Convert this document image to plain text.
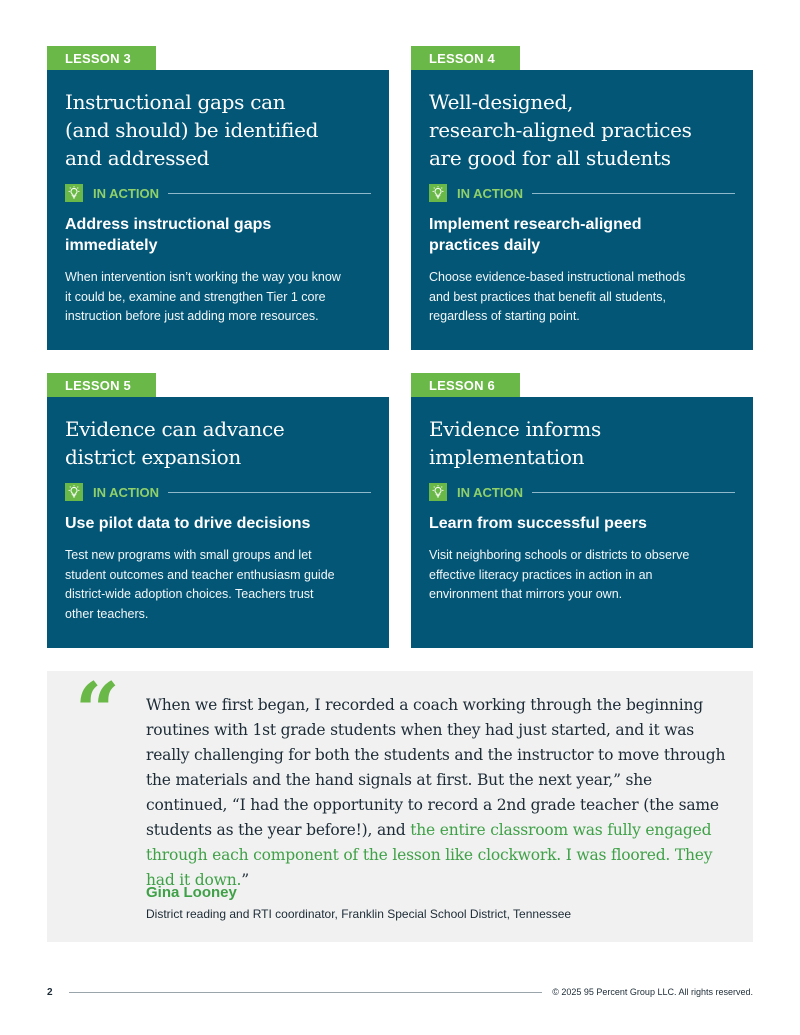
LESSON 3
Instructional gaps can
(and should) be identified
and addressed
IN ACTION
Address instructional gaps
immediately

When intervention isn’t working the way you know
it could be, examine and strengthen Tier 1 core
instruction before just adding more resources.

LESSON 4
Well-designed,
research-aligned practices
are good for all students
IN ACTION
Implement research-aligned
practices daily

Choose evidence-based instructional methods
and best practices that benefit all students,
regardless of starting point.

LESSON 5
Evidence can advance
district expansion
IN ACTION
Use pilot data to drive decisions

Test new programs with small groups and let
student outcomes and teacher enthusiasm guide
district-wide adoption choices. Teachers trust
other teachers.

LESSON 6
Evidence informs
implementation
IN ACTION
Learn from successful peers

Visit neighboring schools or districts to observe
effective literacy practices in action in an
environment that mirrors your own.

“ When we first began, I recorded a coach working through the beginning routines with 1st grade students when they had just started, and it was really challenging for both the students and the instructor to move through the materials and the hand signals at first. But the next year,” she continued, “I had the opportunity to record a 2nd grade teacher (the same students as the year before!), and the entire classroom was fully engaged through each component of the lesson like clockwork. I was floored. They had it down.”
Gina Looney
District reading and RTI coordinator, Franklin Special School District, Tennessee
2	© 2025 95 Percent Group LLC. All rights reserved.
